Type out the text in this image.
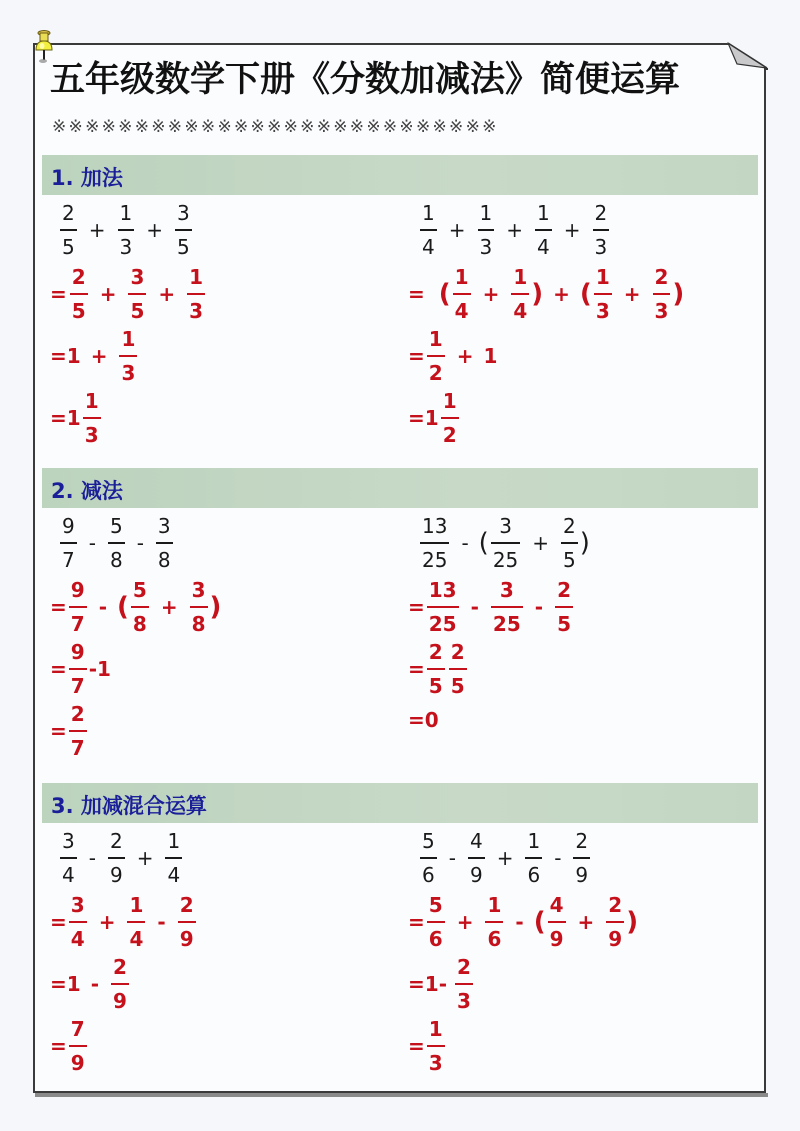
五年级数学下册《分数加减法》简便运算
※※※※※※※※※※※※※※※※※※※※※※※※※※※
1. 加法
$\frac{2}{5} + \frac{1}{3} + \frac{3}{5}$
= $\frac{2}{5} + \frac{3}{5} + \frac{1}{3}$
= $1 + \frac{1}{3}$
= $1 \frac{1}{3}$
$\frac{1}{4} + \frac{1}{3} + \frac{1}{4} + \frac{2}{3}$
= ( $\frac{1}{4} + \frac{1}{4}$ ) + ( $\frac{1}{3} + \frac{2}{3}$ )
= $\frac{1}{2} + 1$
= $1 \frac{1}{2}$
2. 减法
$\frac{9}{7} - \frac{5}{8} - \frac{3}{8}$
= $\frac{9}{7}$ - ( $\frac{5}{8} + \frac{3}{8}$ )
= $\frac{9}{7} - 1$
= $\frac{2}{7}$
$\frac{13}{25}$ - ( $\frac{3}{25} + \frac{2}{5}$ )
= $\frac{13}{25} - \frac{3}{25} - \frac{2}{5}$
= $\frac{2}{5} \frac{2}{5}$
= 0
3. 加减混合运算
$\frac{3}{4} - \frac{2}{9} + \frac{1}{4}$
= $\frac{3}{4} + \frac{1}{4} - \frac{2}{9}$
= $1 - \frac{2}{9}$
= $\frac{7}{9}$
$\frac{5}{6} - \frac{4}{9} + \frac{1}{6} - \frac{2}{9}$
= $\frac{5}{6} + \frac{1}{6}$ - ( $\frac{4}{9} + \frac{2}{9}$ )
= $1 - \frac{2}{3}$
= $\frac{1}{3}$
